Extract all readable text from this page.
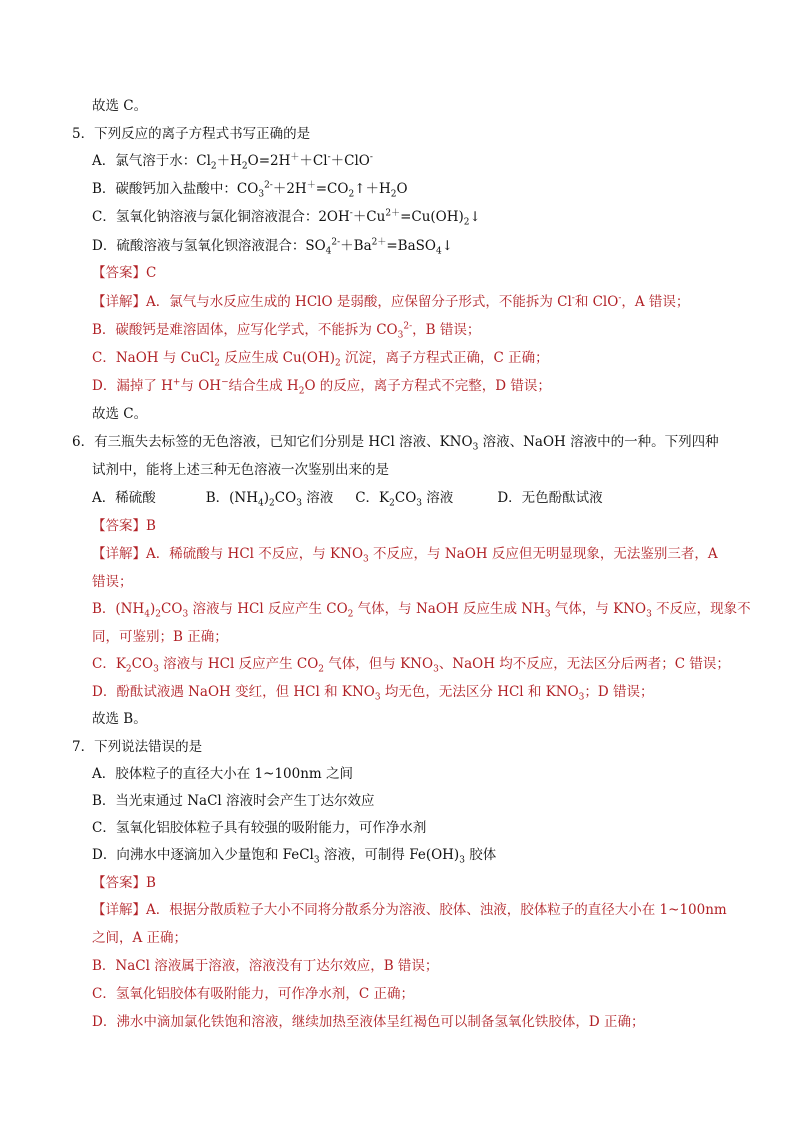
故选 C。
5．下列反应的离子方程式书写正确的是
A．氯气溶于水：$Cl_2+H_2O=2H^++Cl^-+ClO^-$
B．碳酸钙加入盐酸中：$CO_3^{2-}+2H^+=CO_2↑+H_2O$
C．氢氧化钠溶液与氯化铜溶液混合：$2OH^-+Cu^{2+}=Cu(OH)_2↓$
D．硫酸溶液与氢氧化钡溶液混合：$SO_4^{2-}+Ba^{2+}=BaSO_4↓$
【答案】C
【详解】A．氯气与水反应生成的 HClO 是弱酸，应保留分子形式，不能拆为 Cl-和 ClO-，A 错误；
B．碳酸钙是难溶固体，应写化学式，不能拆为 $CO_3^{2-}$，B 错误；
C．NaOH 与 CuCl$_2$ 反应生成 $Cu(OH)_2$ 沉淀，离子方程式正确，C 正确；
D．漏掉了 H+与 OH−结合生成 $H_2O$ 的反应，离子方程式不完整，D 错误；
故选 C。
6．有三瓶失去标签的无色溶液，已知它们分别是 HCl 溶液、$KNO_3$ 溶液、NaOH 溶液中的一种。下列四种
试剂中，能将上述三种无色溶液一次鉴别出来的是
A．稀硫酸	B．$(NH_4)_2CO_3$ 溶液 C．$K_2CO_3$ 溶液	D．无色酚酞试液
【答案】B
【详解】A．稀硫酸与 HCl 不反应，与 $KNO_3$ 不反应，与 NaOH 反应但无明显现象，无法鉴别三者，A
错误；
B．$(NH_4)_2CO_3$ 溶液与 HCl 反应产生 $CO_2$ 气体，与 NaOH 反应生成 $NH_3$ 气体，与 $KNO_3$ 不反应，现象不
同，可鉴别；B 正确；
C．$K_2CO_3$ 溶液与 HCl 反应产生 $CO_2$ 气体，但与 $KNO_3$、NaOH 均不反应，无法区分后两者；C 错误；
D．酚酞试液遇 NaOH 变红，但 HCl 和 $KNO_3$ 均无色，无法区分 HCl 和 $KNO_3$；D 错误；
故选 B。
7．下列说法错误的是
A．胶体粒子的直径大小在 1~100nm 之间
B．当光束通过 NaCl 溶液时会产生丁达尔效应
C．氢氧化铝胶体粒子具有较强的吸附能力，可作净水剂
D．向沸水中逐滴加入少量饱和 FeCl$_3$ 溶液，可制得 $Fe(OH)_3$ 胶体
【答案】B
【详解】A．根据分散质粒子大小不同将分散系分为溶液、胶体、浊液，胶体粒子的直径大小在 1~100nm
之间，A 正确；
B．NaCl 溶液属于溶液，溶液没有丁达尔效应，B 错误；
C．氢氧化铝胶体有吸附能力，可作净水剂，C 正确；
D．沸水中滴加氯化铁饱和溶液，继续加热至液体呈红褐色可以制备氢氧化铁胶体，D 正确；
